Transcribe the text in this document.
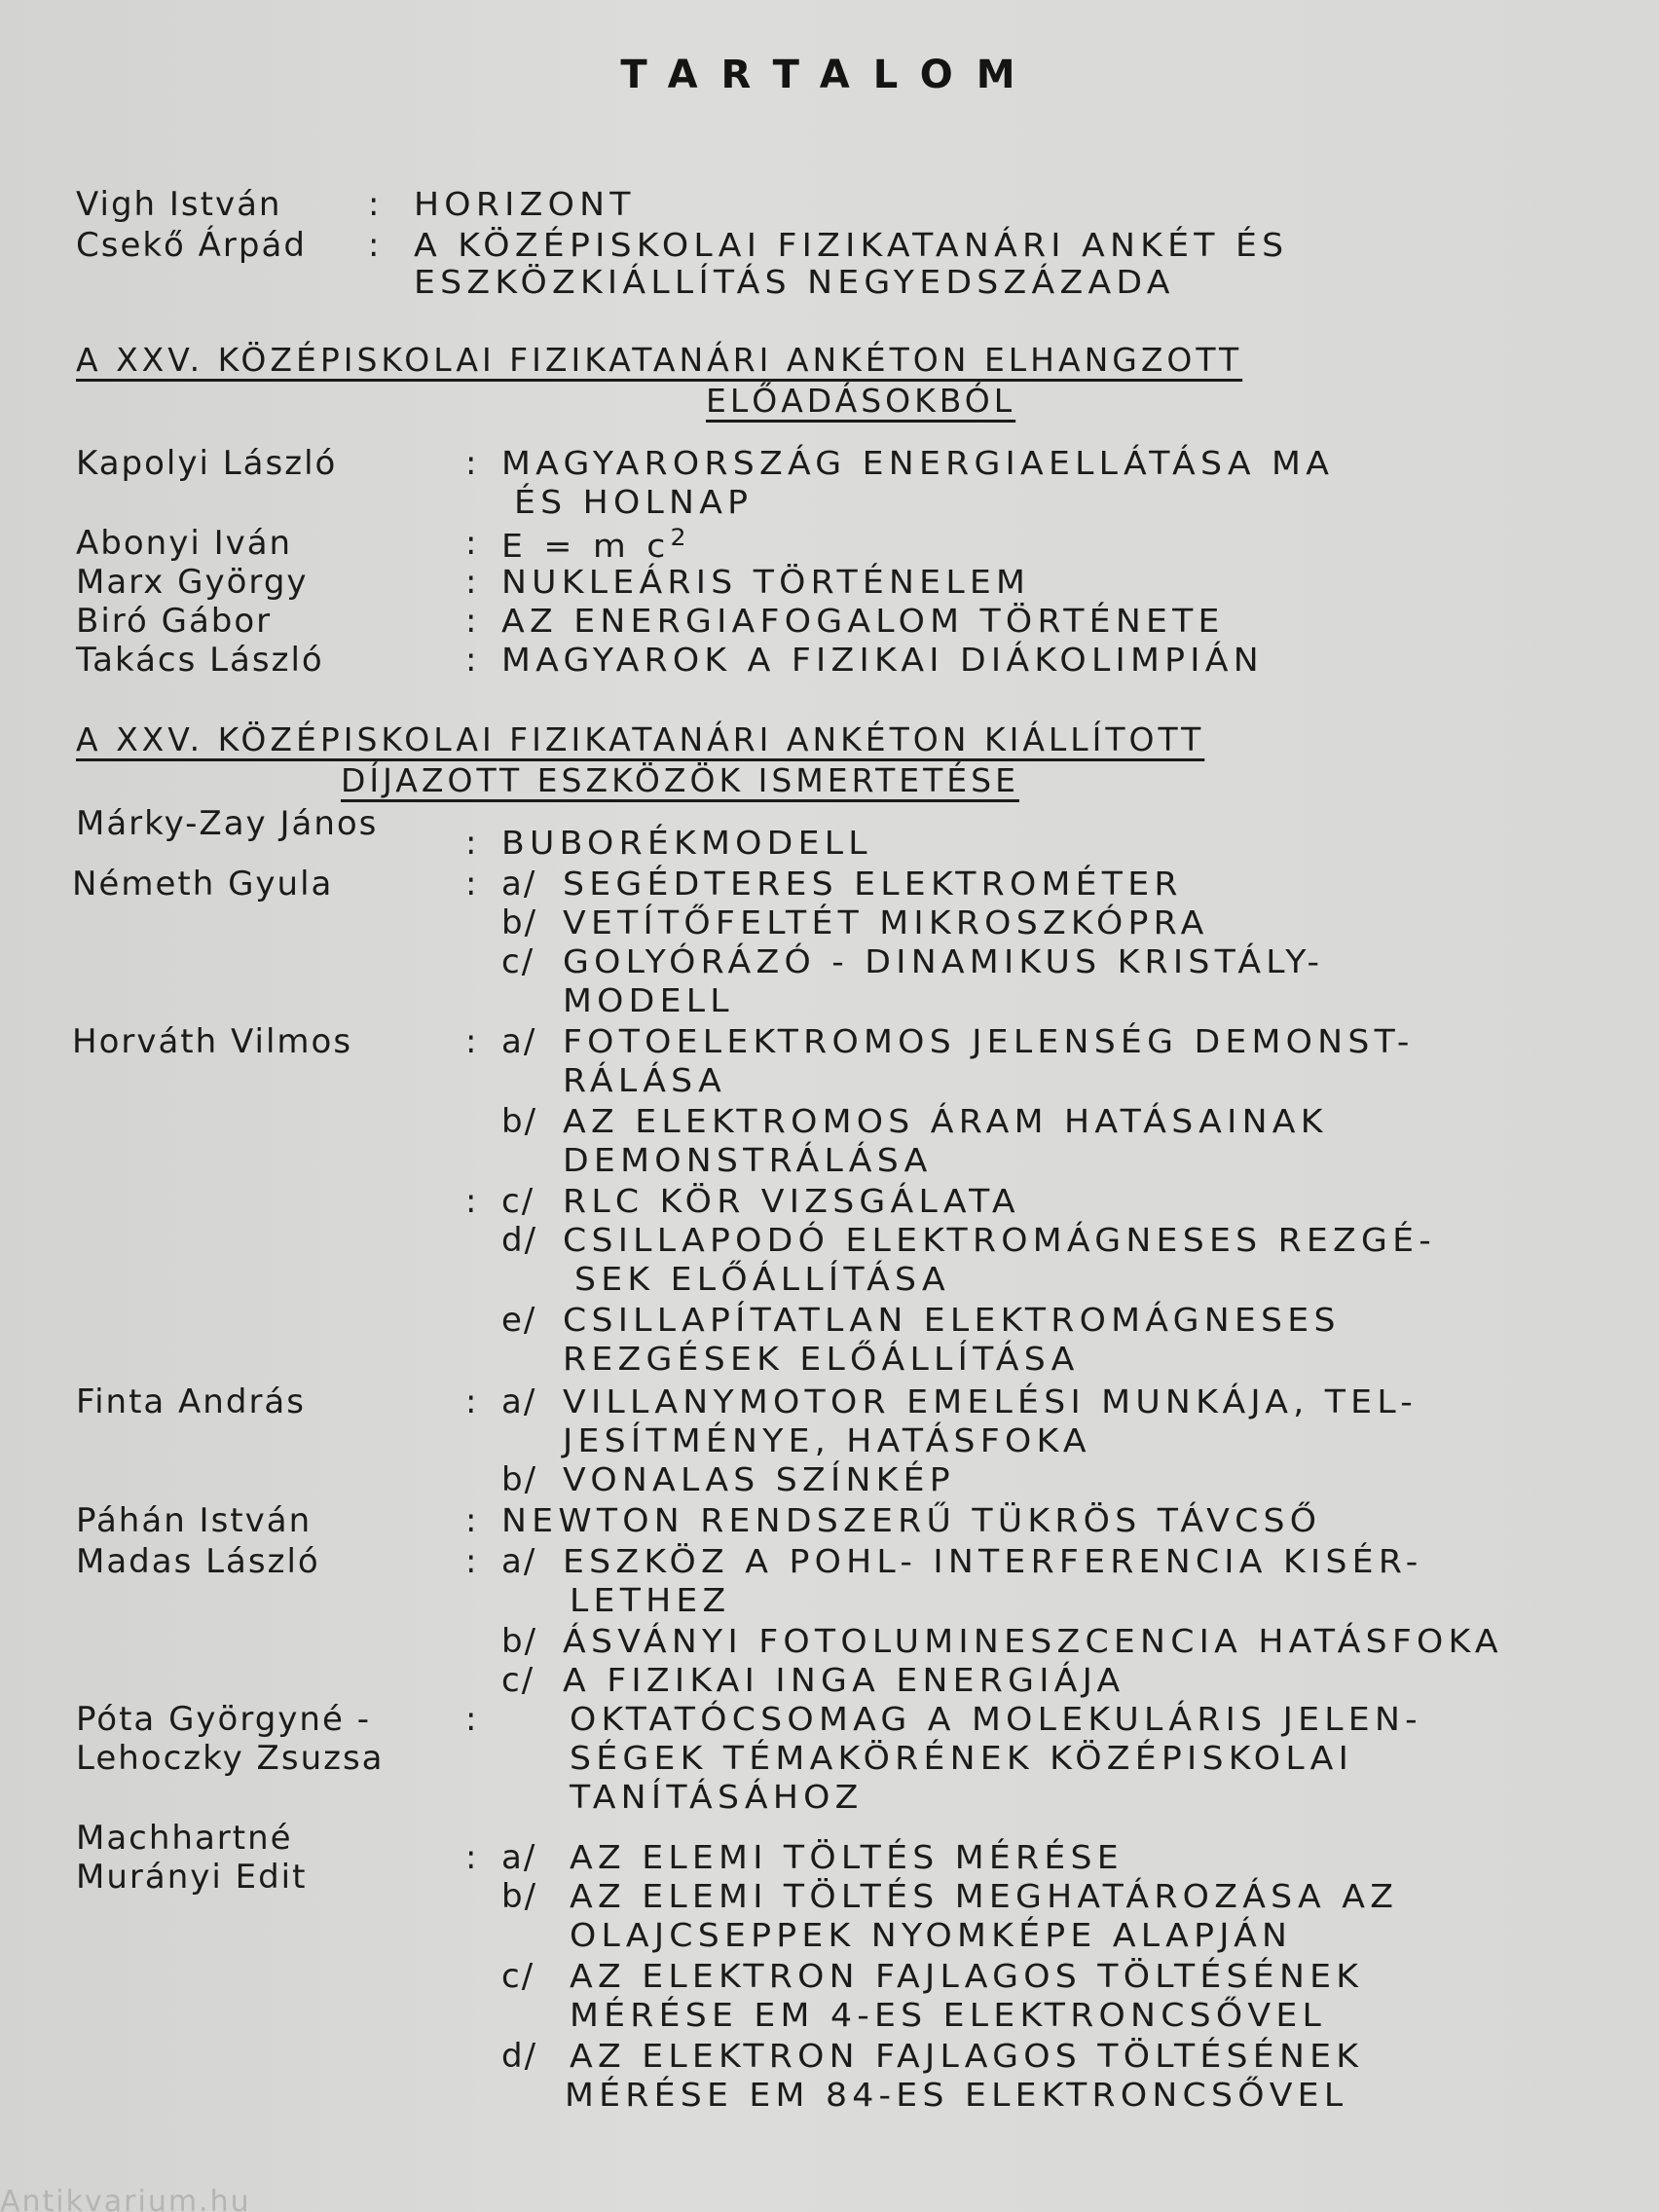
TARTALOM
Vigh István	: HORIZONT
Csekő Árpád : A KÖZÉPISKOLAI FIZIKATANÁRI ANKÉT ÉS
ESZKÖZKIÁLLÍTÁS NEGYEDSZÁZADA
A XXV. KÖZÉPISKOLAI FIZIKATANÁRI ANKÉTON ELHANGZOTT
ELŐADÁSOKBÓL
Kapolyi László	: MAGYARORSZÁG ENERGIAELLÁTÁSA MA
ÉS HOLNAP
Abonyi Iván	: E = m $c^2$
Marx György	: NUKLEÁRIS TÖRTÉNELEM
Biró Gábor	: AZ ENERGIAFOGALOM TÖRTÉNETE
Takács László	: MAGYAROK A FIZIKAI DIÁKOLIMPIÁN
A XXV. KÖZÉPISKOLAI FIZIKATANÁRI ANKÉTON KIÁLLÍTOTT
DÍJAZOTT ESZKÖZÖK ISMERTETÉSE
Márky-Zay János	: BUBORÉKMODELL
Németh Gyula	: a/ SEGÉDTERES ELEKTROMÉTER
b/ VETÍTŐFELTÉT MIKROSZKÓPRA
c/ GOLYÓRÁZÓ - DINAMIKUS KRISTÁLY-
MODELL
Horváth Vilmos	: a/ FOTOELEKTROMOS JELENSÉG DEMONST-
RÁLÁSA
b/ AZ ELEKTROMOS ÁRAM HATÁSAINAK
DEMONSTRÁLÁSA
: c/ RLC KÖR VIZSGÁLATA
d/ CSILLAPODÓ ELEKTROMÁGNESES REZGÉ-
SEK ELŐÁLLÍTÁSA
e/ CSILLAPÍTATLAN ELEKTROMÁGNESES
REZGÉSEK ELŐÁLLÍTÁSA
Finta András	: a/ VILLANYMOTOR EMELÉSI MUNKÁJA, TEL-
JESÍTMÉNYE, HATÁSFOKA
b/ VONALAS SZÍNKÉP
Páhán István	: NEWTON RENDSZERŰ TÜKRÖS TÁVCSŐ
Madas László	: a/ ESZKÖZ A POHL- INTERFERENCIA KISÉR-
LETHEZ
b/ ÁSVÁNYI FOTOLUMINESZCENCIA HATÁSFOKA
c/ A FIZIKAI INGA ENERGIÁJA
Póta Györgyné -
Lehoczky Zsuzsa
:	OKTATÓCSOMAG A MOLEKULÁRIS JELEN-
SÉGEK TÉMAKÖRÉNEK KÖZÉPISKOLAI
TANÍTÁSÁHOZ
Machhartné
Murányi Edit	: a/ AZ ELEMI TÖLTÉS MÉRÉSE
b/ AZ ELEMI TÖLTÉS MEGHATÁROZÁSA AZ
OLAJCSEPPEK NYOMKÉPE ALAPJÁN
c/ AZ ELEKTRON FAJLAGOS TÖLTÉSÉNEK
MÉRÉSE EM 4-ES ELEKTRONCSŐVEL
d/ AZ ELEKTRON FAJLAGOS TÖLTÉSÉNEK
MÉRÉSE EM 84-ES ELEKTRONCSŐVEL
Antikvarium.hu
